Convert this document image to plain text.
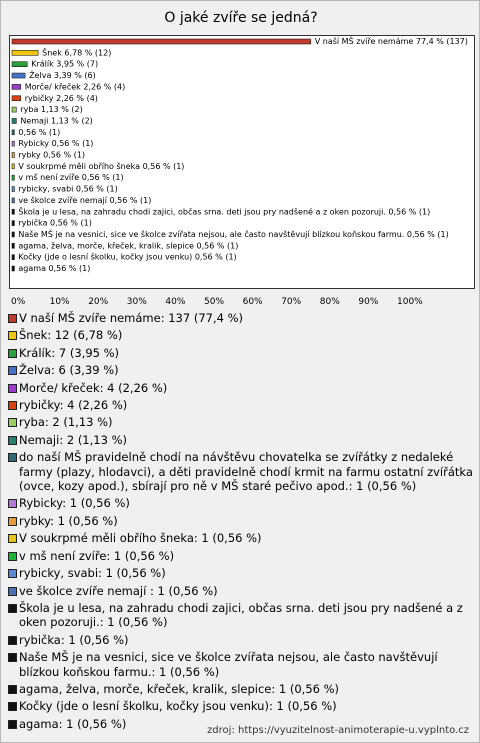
O jaké zvíře se jedná?
V naší MŠ zvíře nemáme 77,4 % (137)
Šnek 6,78 % (12)
Králík 3,95 % (7)
Želva 3,39 % (6)
Morče/ křeček 2,26 % (4)
rybičky 2,26 % (4)
ryba 1,13 % (2)
Nemaji 1,13 % (2)
0,56 % (1)
Rybicky 0,56 % (1)
rybky 0,56 % (1)
V soukrpmé měli obřího šneka 0,56 % (1)
v mš není zvíře 0,56 % (1)
rybicky, svabi 0,56 % (1)
ve školce zvíře nemají 0,56 % (1)
Škola je u lesa, na zahradu chodi zajici, občas srna. deti jsou pry nadšené a z oken pozoruji. 0,56 % (1)
rybička 0,56 % (1)
Naše MŠ je na vesnici, sice ve školce zvířata nejsou, ale často navštěvují blízkou koňskou farmu. 0,56 % (1)
agama, želva, morče, křeček, kralik, slepice 0,56 % (1)
Kočky (jde o lesní školku, kočky jsou venku) 0,56 % (1)
agama 0,56 % (1)
0%	10% 20% 30% 40% 50% 60% 70% 80% 90% 100%
V naší MŠ zvíře nemáme: 137 (77,4 %)
Šnek: 12 (6,78 %)
Králík: 7 (3,95 %)
Želva: 6 (3,39 %)
Morče/ křeček: 4 (2,26 %)
rybičky: 4 (2,26 %)
ryba: 2 (1,13 %)
Nemaji: 2 (1,13 %)
do naší MŠ pravidelně chodí na návštěvu chovatelka se zvířátky z nedaleké farmy (plazy, hlodavci), a děti pravidelně chodí krmit na farmu ostatní zvířátka (ovce, kozy apod.), sbírají pro ně v MŠ staré pečivo apod.: 1 (0,56 %)
Rybicky: 1 (0,56 %)
rybky: 1 (0,56 %)
V soukrpmé měli obřího šneka: 1 (0,56 %)
v mš není zvíře: 1 (0,56 %)
rybicky, svabi: 1 (0,56 %)
ve školce zvíře nemají : 1 (0,56 %)
Škola je u lesa, na zahradu chodi zajici, občas srna. deti jsou pry nadšené a z oken pozoruji.: 1 (0,56 %)
rybička: 1 (0,56 %)
Naše MŠ je na vesnici, sice ve školce zvířata nejsou, ale často navštěvují blízkou koňskou farmu.: 1 (0,56 %)
agama, želva, morče, křeček, kralik, slepice: 1 (0,56 %)
Kočky (jde o lesní školku, kočky jsou venku): 1 (0,56 %)
agama: 1 (0,56 %)	zdroj: https://vyuzitelnost-animoterapie-u.vyplnto.cz
